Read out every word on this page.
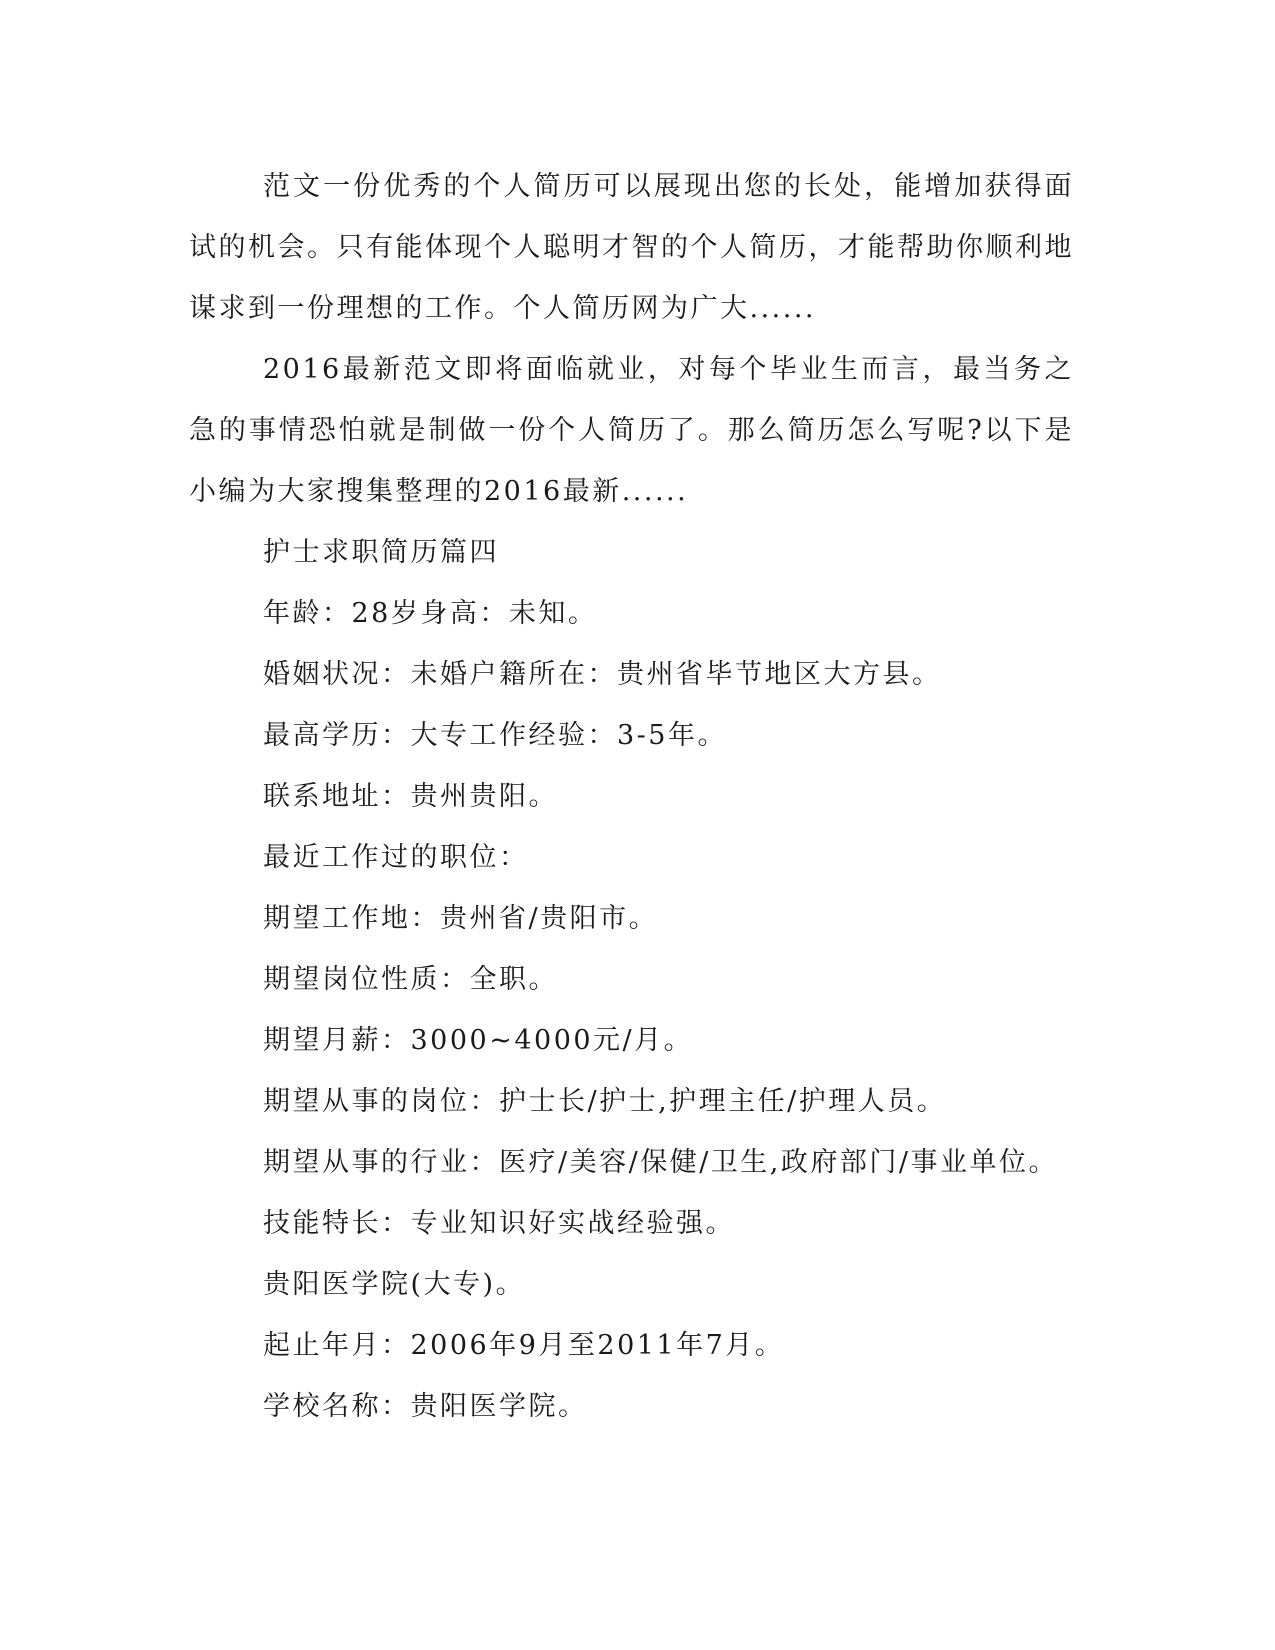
范文一份优秀的个人简历可以展现出您的长处，能增加获得面试的机会。只有能体现个人聪明才智的个人简历，才能帮助你顺利地谋求到一份理想的工作。个人简历网为广大......

2016最新范文即将面临就业，对每个毕业生而言，最当务之急的事情恐怕就是制做一份个人简历了。那么简历怎么写呢?以下是小编为大家搜集整理的2016最新......

护士求职简历篇四

年龄：28岁身高：未知。

婚姻状况：未婚户籍所在：贵州省毕节地区大方县。

最高学历：大专工作经验：3-5年。

联系地址：贵州贵阳。

最近工作过的职位：

期望工作地：贵州省/贵阳市。

期望岗位性质：全职。

期望月薪：3000~4000元/月。

期望从事的岗位：护士长/护士,护理主任/护理人员。

期望从事的行业：医疗/美容/保健/卫生,政府部门/事业单位。

技能特长：专业知识好实战经验强。

贵阳医学院(大专)。

起止年月：2006年9月至2011年7月。

学校名称：贵阳医学院。
